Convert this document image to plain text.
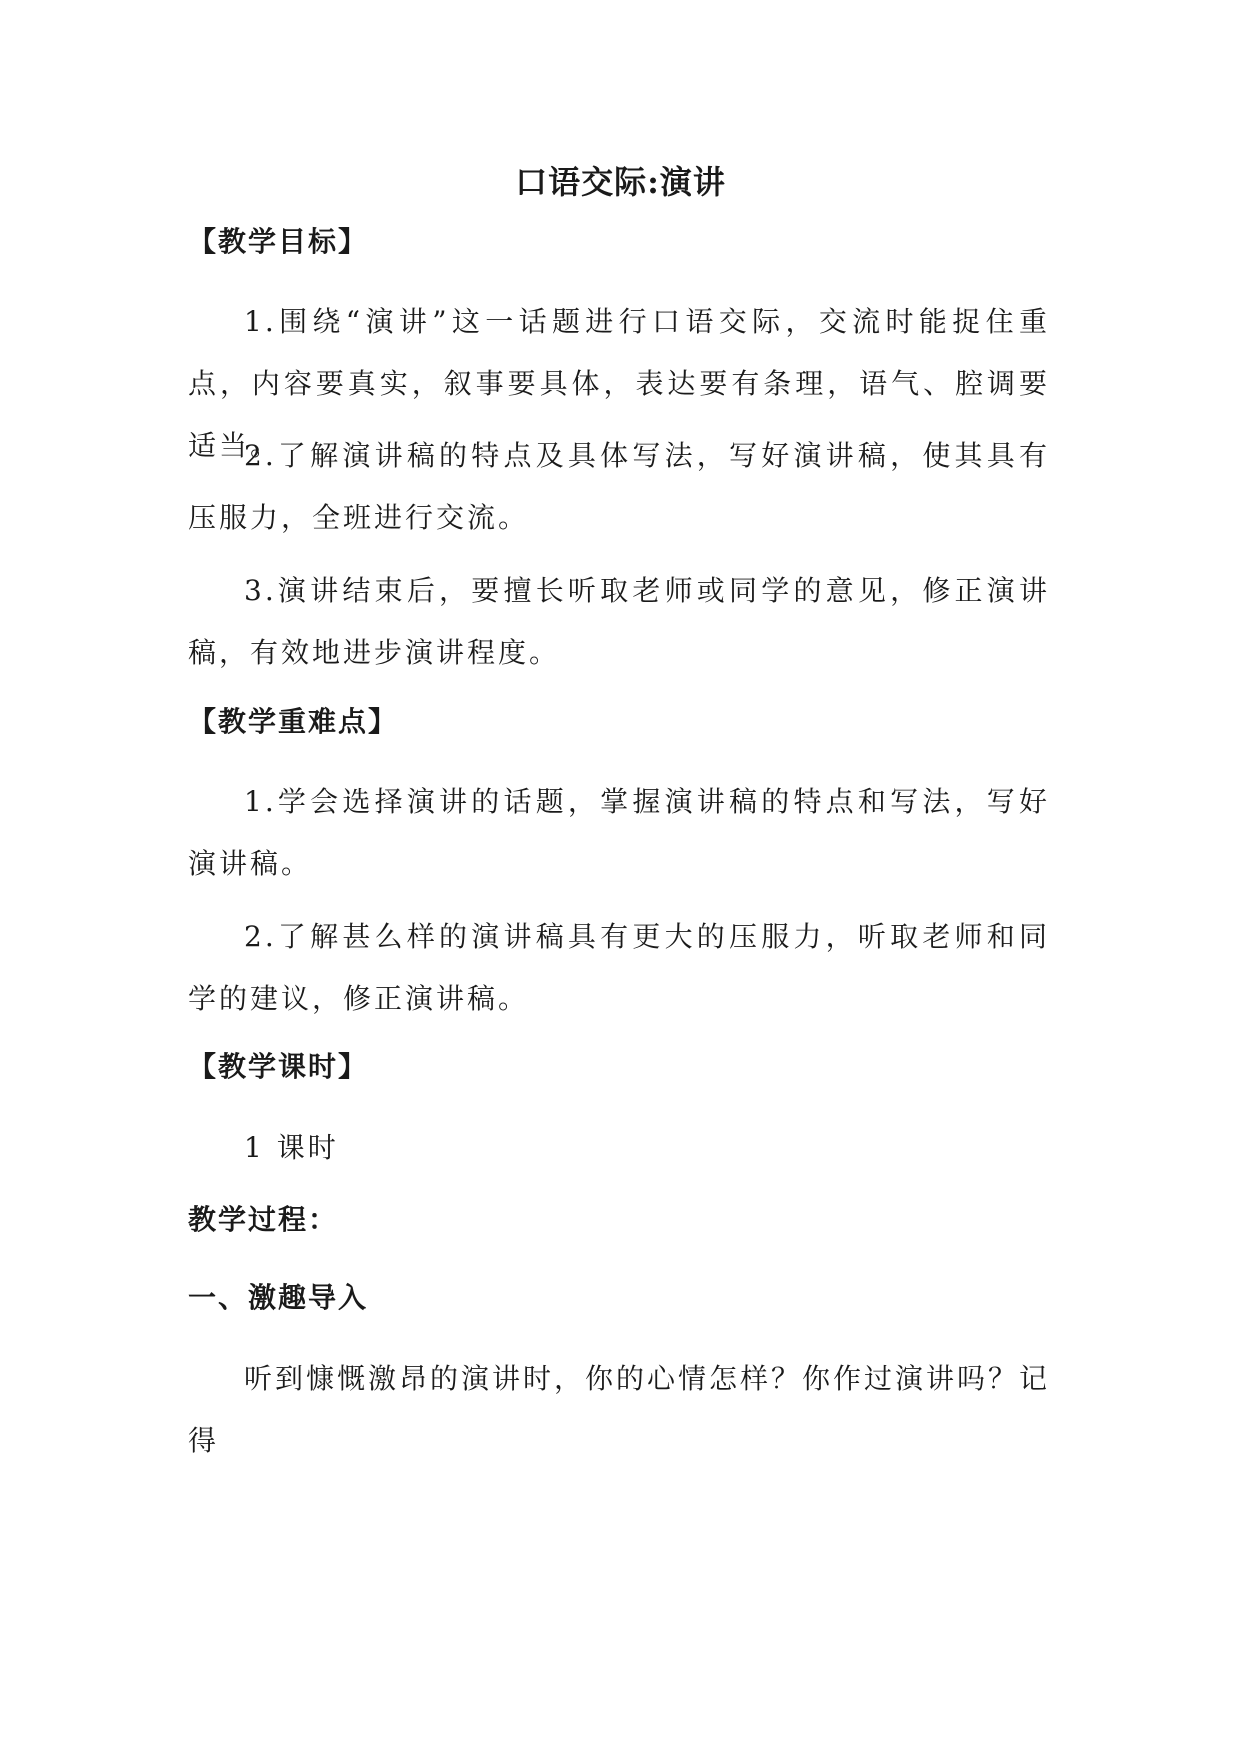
口语交际:演讲
【教学目标】
1.围绕“演讲”这一话题进行口语交际，交流时能捉住重点，内容要真实，叙事要具体，表达要有条理，语气、腔调要适当。
2.了解演讲稿的特点及具体写法，写好演讲稿，使其具有压服力，全班进行交流。
3.演讲结束后，要擅长听取老师或同学的意见，修正演讲稿，有效地进步演讲程度。
【教学重难点】
1.学会选择演讲的话题，掌握演讲稿的特点和写法，写好演讲稿。
2.了解甚么样的演讲稿具有更大的压服力，听取老师和同学的建议，修正演讲稿。
【教学课时】
1 课时
教学过程：
一、激趣导入
听到慷慨激昂的演讲时，你的心情怎样？你作过演讲吗？记得
